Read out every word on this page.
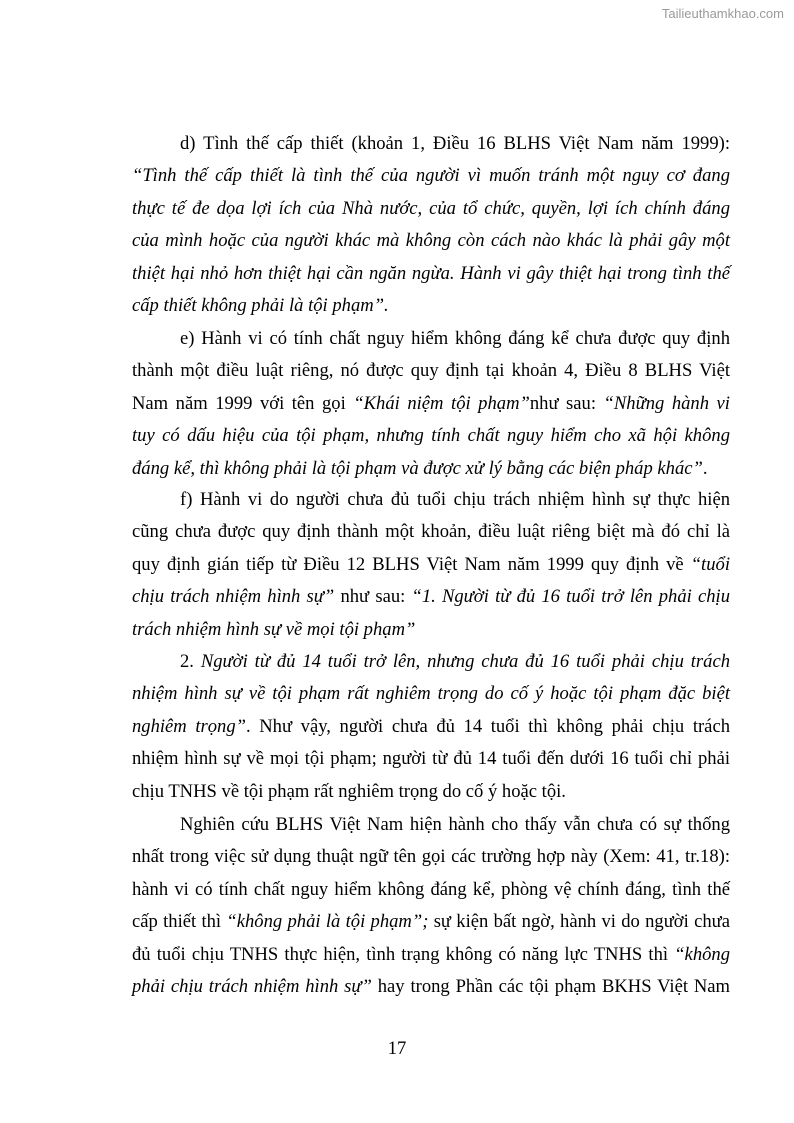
Tailieuthamkhao.com
d) Tình thế cấp thiết (khoản 1, Điều 16 BLHS Việt Nam năm 1999):
“Tình thế cấp thiết là tình thế của người vì muốn tránh một nguy cơ đang
thực tế đe dọa lợi ích của Nhà nước, của tổ chức, quyền, lợi ích chính đáng
của mình hoặc của người khác mà không còn cách nào khác là phải gây một
thiệt hại nhỏ hơn thiệt hại cần ngăn ngừa. Hành vi gây thiệt hại trong tình thế
cấp thiết không phải là tội phạm”.
e) Hành vi có tính chất nguy hiểm không đáng kể chưa được quy định
thành một điều luật riêng, nó được quy định tại khoản 4, Điều 8 BLHS Việt
Nam năm 1999 với tên gọi “Khái niệm tội phạm”như sau: “Những hành vi
tuy có dấu hiệu của tội phạm, nhưng tính chất nguy hiểm cho xã hội không
đáng kể, thì không phải là tội phạm và được xử lý bằng các biện pháp khác”.
f) Hành vi do người chưa đủ tuổi chịu trách nhiệm hình sự thực hiện
cũng chưa được quy định thành một khoản, điều luật riêng biệt mà đó chỉ là
quy định gián tiếp từ Điều 12 BLHS Việt Nam năm 1999 quy định về “tuổi
chịu trách nhiệm hình sự” như sau: “1. Người từ đủ 16 tuổi trở lên phải chịu
trách nhiệm hình sự về mọi tội phạm”
2. Người từ đủ 14 tuổi trở lên, nhưng chưa đủ 16 tuổi phải chịu trách
nhiệm hình sự về tội phạm rất nghiêm trọng do cố ý hoặc tội phạm đặc biệt
nghiêm trọng”. Như vậy, người chưa đủ 14 tuổi thì không phải chịu trách
nhiệm hình sự về mọi tội phạm; người từ đủ 14 tuổi đến dưới 16 tuổi chỉ phải
chịu TNHS về tội phạm rất nghiêm trọng do cố ý hoặc tội.
Nghiên cứu BLHS Việt Nam hiện hành cho thấy vẫn chưa có sự thống
nhất trong việc sử dụng thuật ngữ tên gọi các trường hợp này (Xem: 41, tr.18):
hành vi có tính chất nguy hiểm không đáng kể, phòng vệ chính đáng, tình thế
cấp thiết thì “không phải là tội phạm”; sự kiện bất ngờ, hành vi do người chưa
đủ tuổi chịu TNHS thực hiện, tình trạng không có năng lực TNHS thì “không
phải chịu trách nhiệm hình sự” hay trong Phần các tội phạm BKHS Việt Nam
17
